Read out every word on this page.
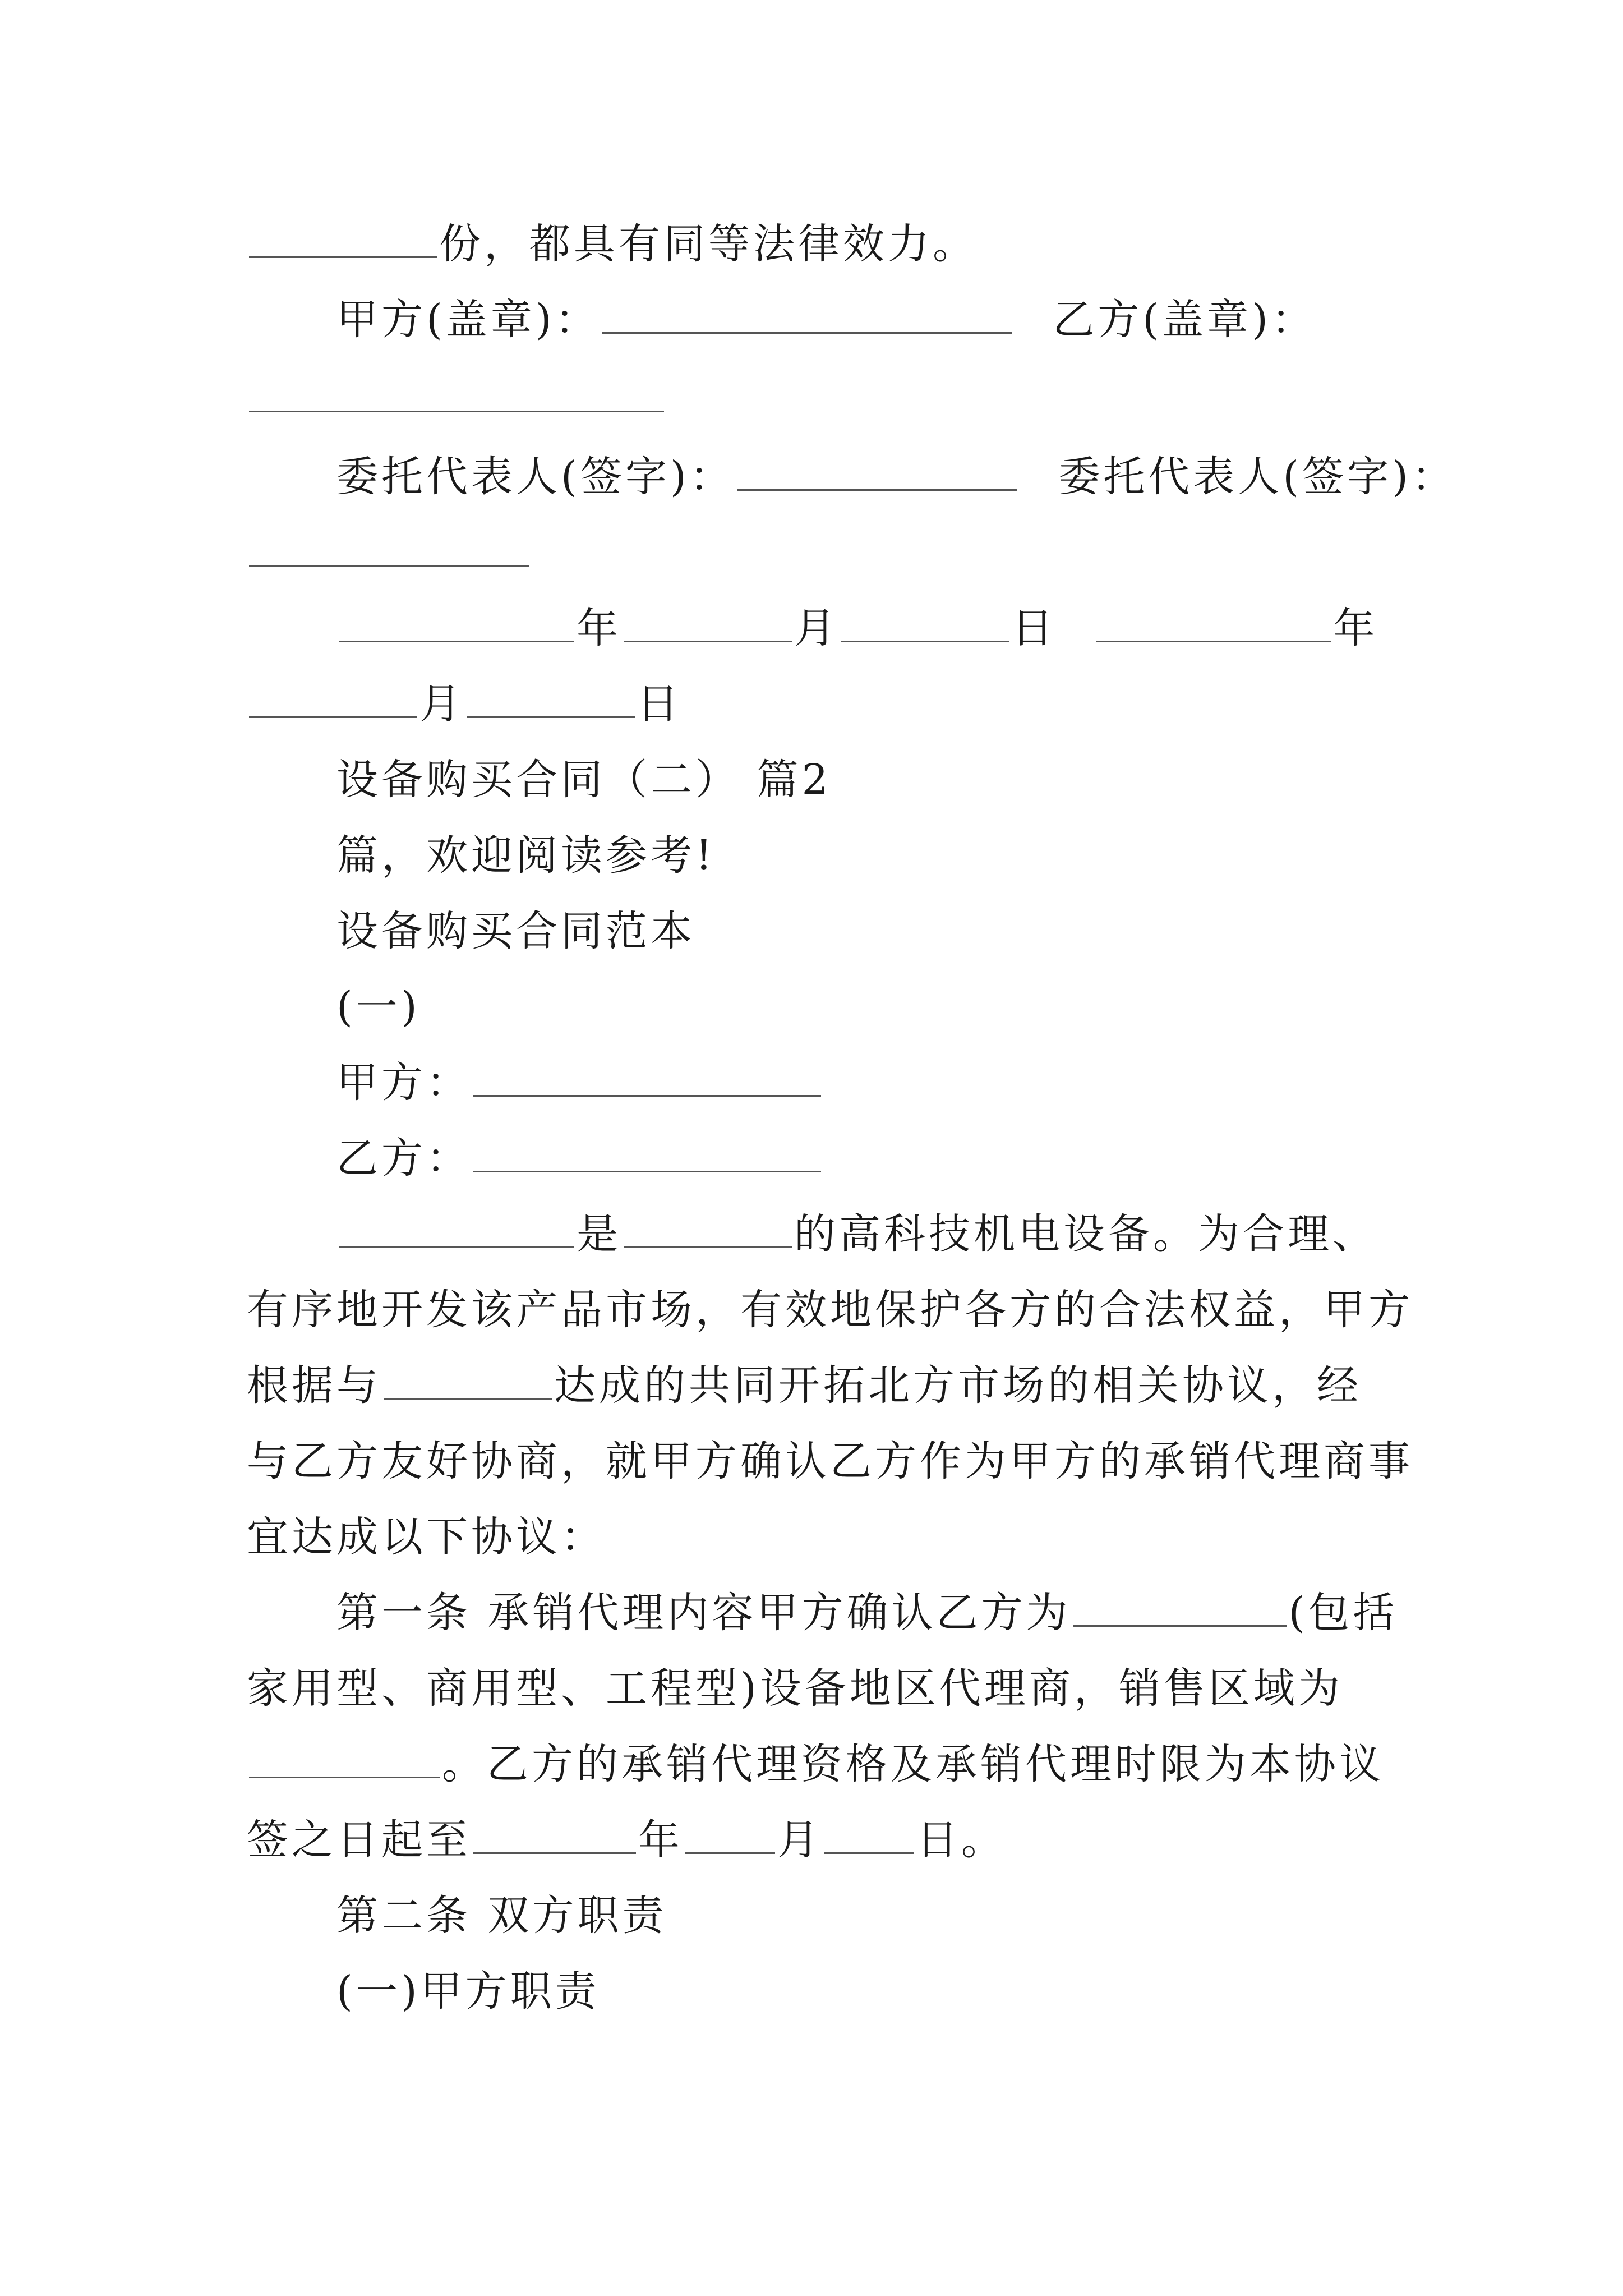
份，都具有同等法律效力。
甲方(盖章)：	乙方(盖章)：
委托代表人(签字)：	委托代表人(签字)：
年	月	日	年
月	日
设备购买合同（二） 篇2
篇，欢迎阅读参考!
设备购买合同范本
(一)
甲方：
乙方：
是	的高科技机电设备。为合理、
有序地开发该产品市场，有效地保护各方的合法权益，甲方
根据与	达成的共同开拓北方市场的相关协议，经
与乙方友好协商，就甲方确认乙方作为甲方的承销代理商事
宜达成以下协议：
第一条 承销代理内容甲方确认乙方为	(包括
家用型、商用型、工程型)设备地区代理商，销售区域为
。乙方的承销代理资格及承销代理时限为本协议
签之日起至	年 月 日。
第二条 双方职责
(一)甲方职责
